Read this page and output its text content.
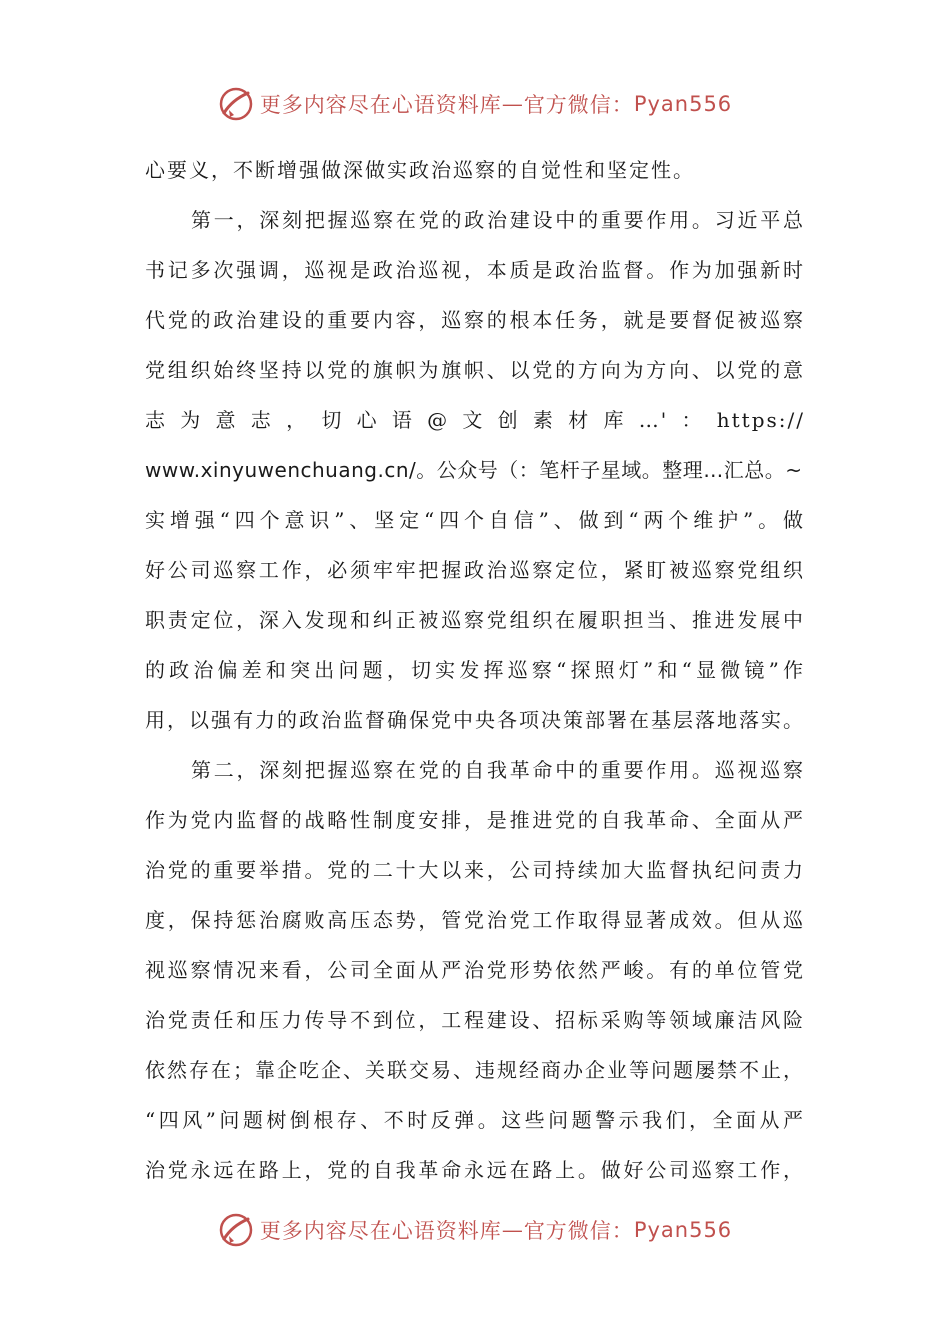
更多内容尽在心语资料库 — 官方微信： Pyan556
心要义，不断增强做深做实政治巡察的自觉性和坚定性。
第一，深刻把握巡察在党的政治建设中的重要作用。习近平总
书记多次强调，巡视是政治巡视，本质是政治监督。作为加强新时
代党的政治建设的重要内容，巡察的根本任务，就是要督促被巡察
党组织始终坚持以党的旗帜为旗帜、以党的方向为方向、以党的意
志为意志，切心语@文创素材库…'：https://
www.xinyuwenchuang.cn/。公众号（：笔杆子星域。整理…汇总。~
实增强“四个意识”、坚定“四个自信”、做到“两个维护”。做
好公司巡察工作，必须牢牢把握政治巡察定位，紧盯被巡察党组织
职责定位，深入发现和纠正被巡察党组织在履职担当、推进发展中
的政治偏差和突出问题，切实发挥巡察“探照灯”和“显微镜”作
用，以强有力的政治监督确保党中央各项决策部署在基层落地落实。
第二，深刻把握巡察在党的自我革命中的重要作用。巡视巡察
作为党内监督的战略性制度安排，是推进党的自我革命、全面从严
治党的重要举措。党的二十大以来，公司持续加大监督执纪问责力
度，保持惩治腐败高压态势，管党治党工作取得显著成效。但从巡
视巡察情况来看，公司全面从严治党形势依然严峻。有的单位管党
治党责任和压力传导不到位，工程建设、招标采购等领域廉洁风险
依然存在；靠企吃企、关联交易、违规经商办企业等问题屡禁不止，
“四风”问题树倒根存、不时反弹。这些问题警示我们，全面从严
治党永远在路上，党的自我革命永远在路上。做好公司巡察工作，
更多内容尽在心语资料库 — 官方微信： Pyan556
